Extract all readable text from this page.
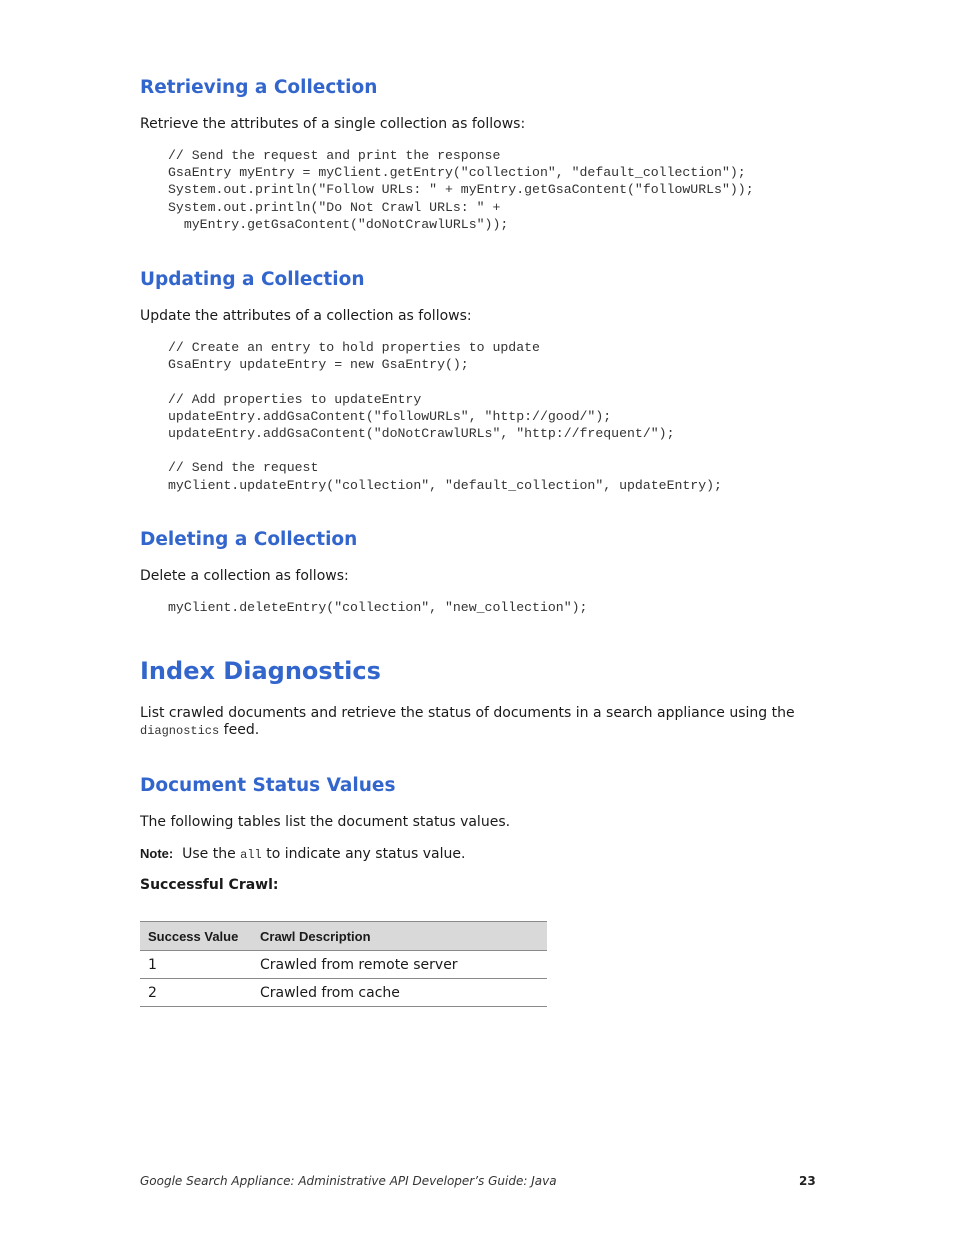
Retrieving a Collection

Retrieve the attributes of a single collection as follows:

// Send the request and print the response
GsaEntry myEntry = myClient.getEntry("collection", "default_collection");
System.out.println("Follow URLs: " + myEntry.getGsaContent("followURLs"));
System.out.println("Do Not Crawl URLs: " +
myEntry.getGsaContent("doNotCrawlURLs"));
Updating a Collection

Update the attributes of a collection as follows:

// Create an entry to hold properties to update
GsaEntry updateEntry = new GsaEntry();

// Add properties to updateEntry
updateEntry.addGsaContent("followURLs", "http://good/");
updateEntry.addGsaContent("doNotCrawlURLs", "http://frequent/");

// Send the request
myClient.updateEntry("collection", "default_collection", updateEntry);
Deleting a Collection

Delete a collection as follows:

myClient.deleteEntry("collection", "new_collection");
Index Diagnostics

List crawled documents and retrieve the status of documents in a search appliance using the

diagnostics feed.

Document Status Values

The following tables list the document status values.

Note: Use the all to indicate any status value.

Successful Crawl:

Success Value	Crawl Description
1	Crawled from remote server
2	Crawled from cache
Google Search Appliance: Administrative API Developer’s Guide: Java	23
